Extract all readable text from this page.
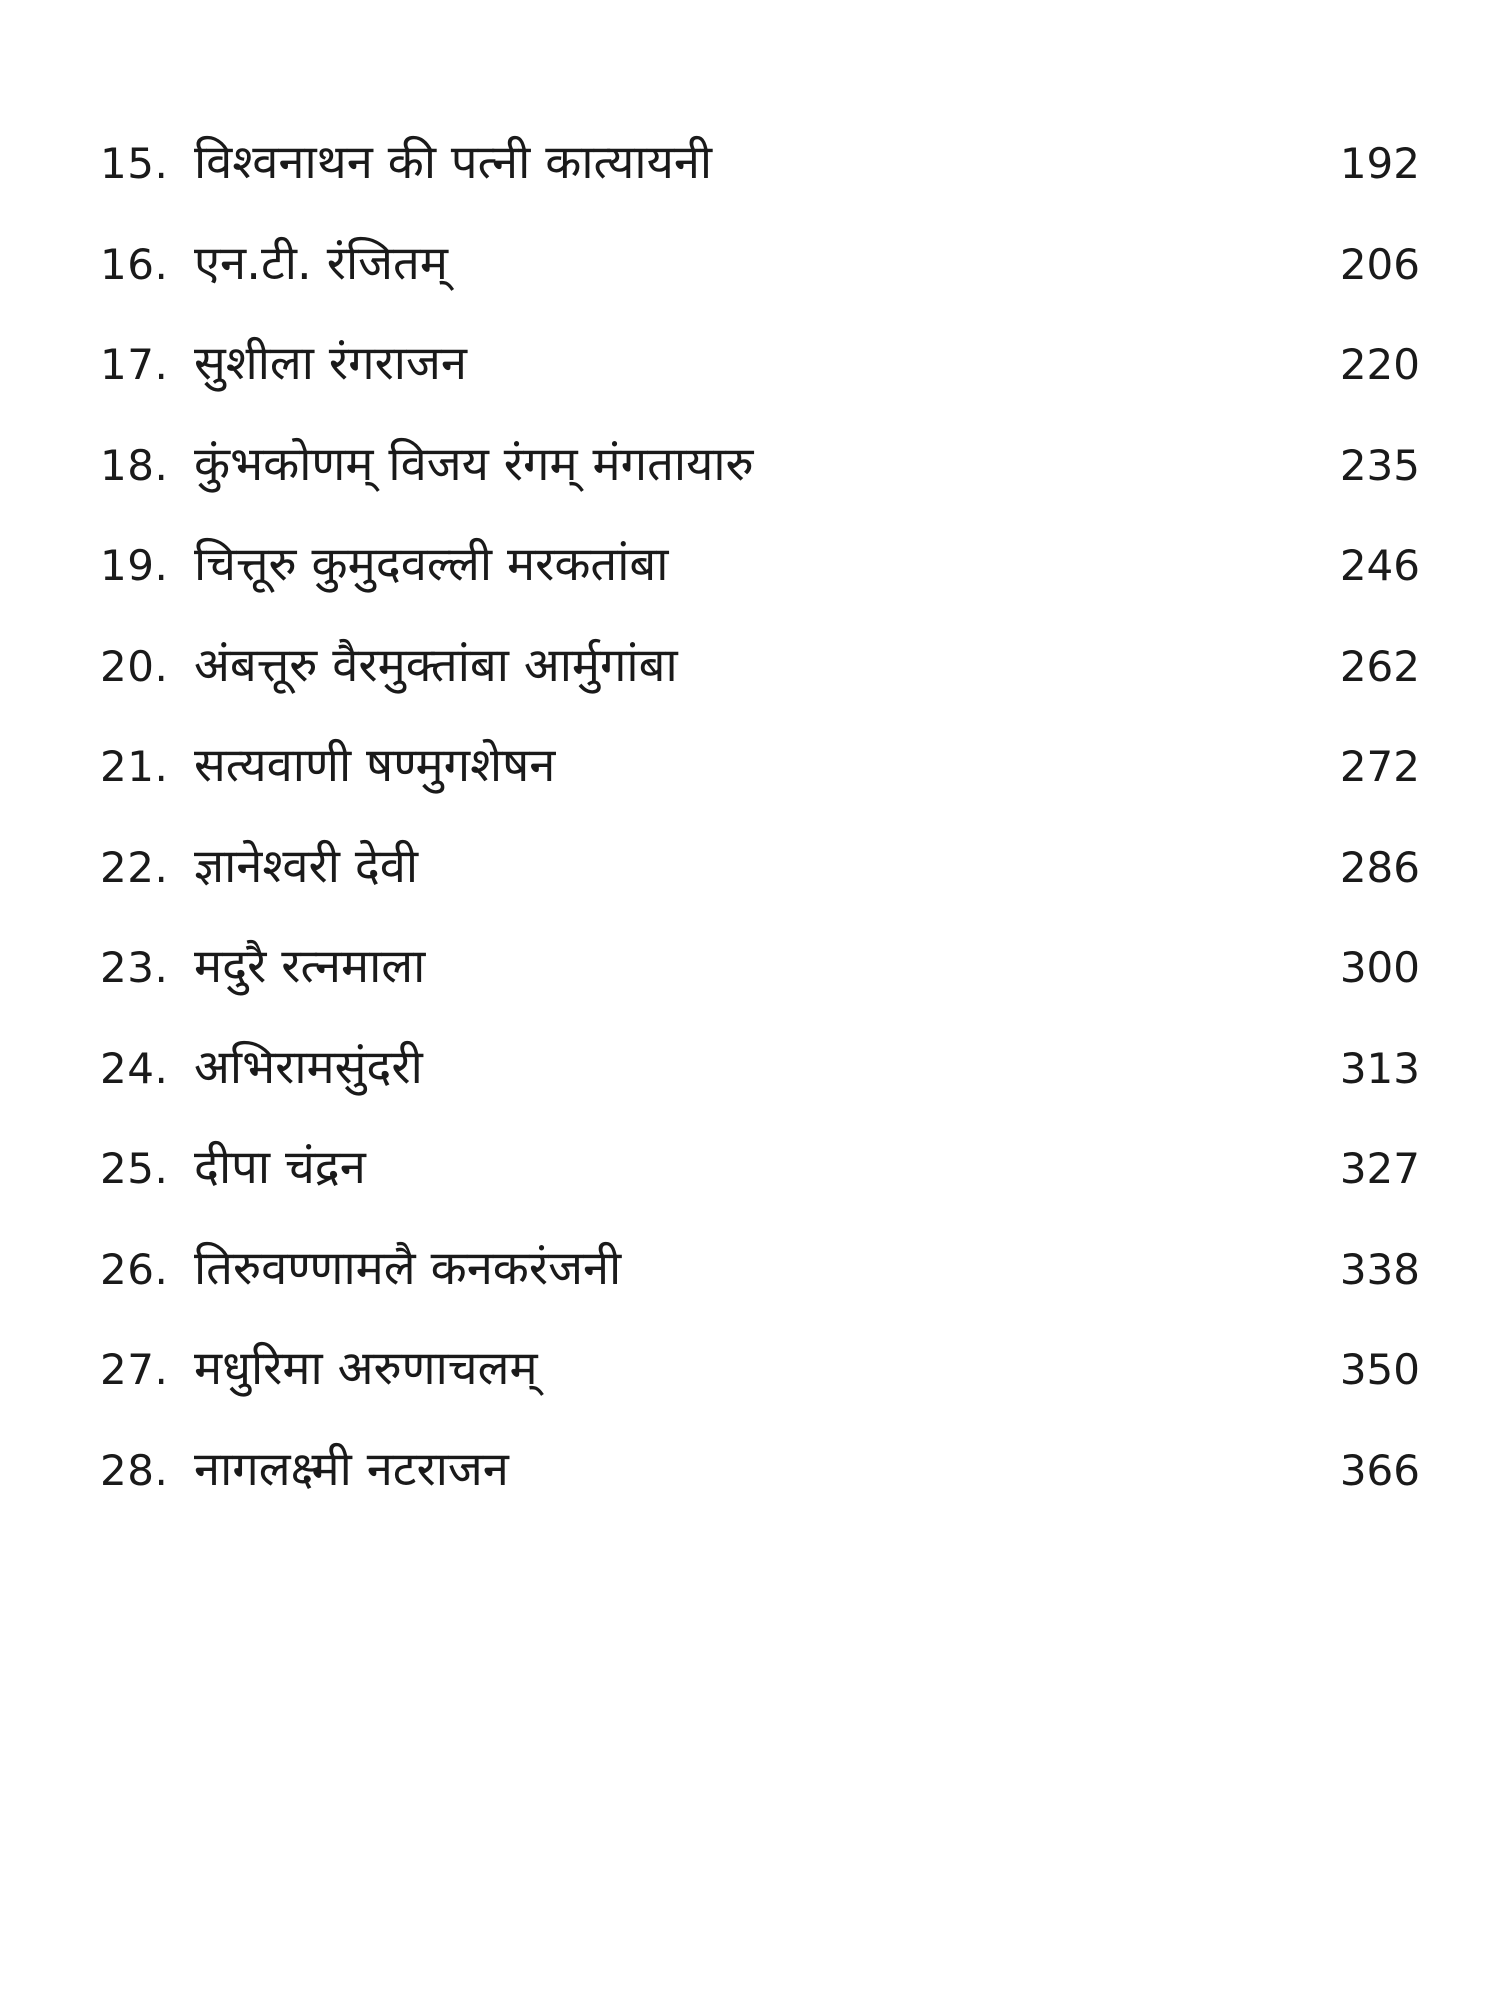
15. विश्वनाथन की पत्नी कात्यायनी	192
16. एन.टी. रंजितम्	206
17. सुशीला रंगराजन	220
18. कुंभकोणम् विजय रंगम् मंगतायारु	235
19. चित्तूरु कुमुदवल्ली मरकतांबा	246
20. अंबत्तूरु वैरमुक्तांबा आर्मुगांबा	262
21. सत्यवाणी षण्मुगशेषन	272
22. ज्ञानेश्वरी देवी	286
23. मदुरै रत्नमाला	300
24. अभिरामसुंदरी	313
25. दीपा चंद्रन	327
26. तिरुवण्णामलै कनकरंजनी	338
27. मधुरिमा अरुणाचलम्	350
28. नागलक्ष्मी नटराजन	366
